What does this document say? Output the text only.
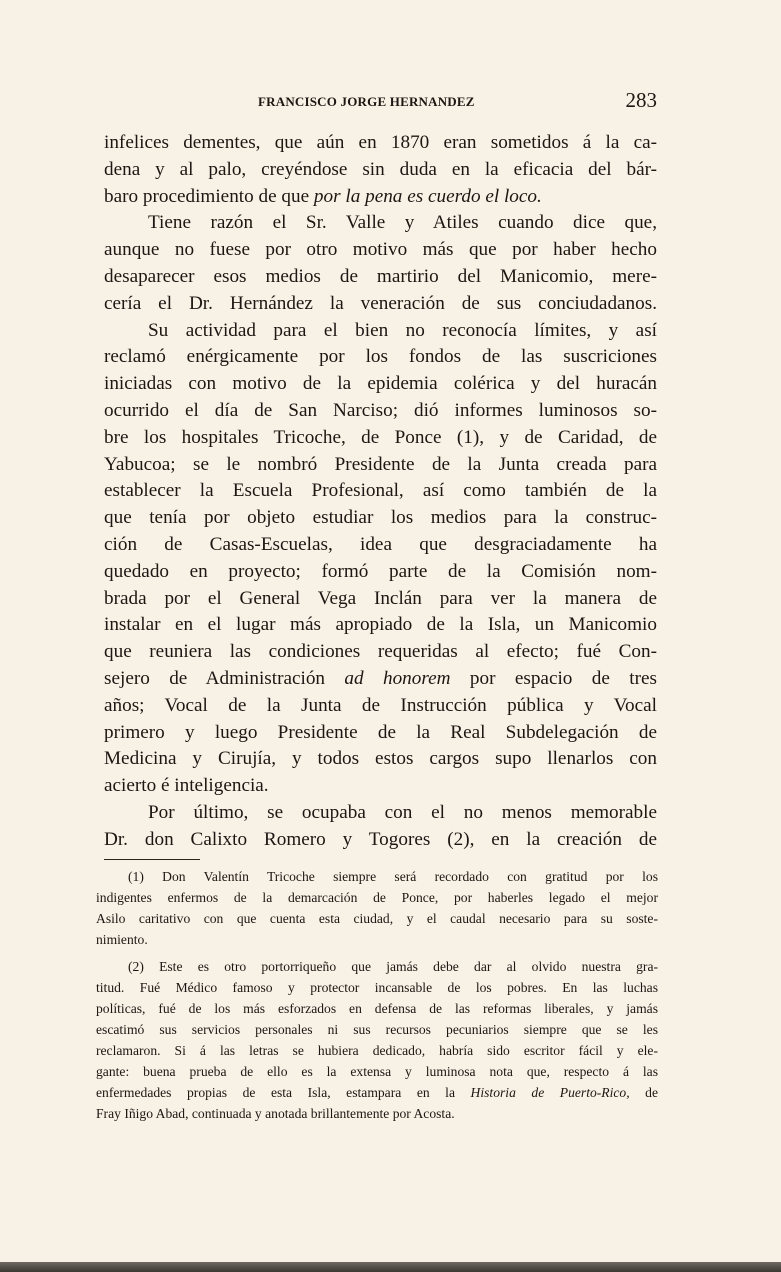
FRANCISCO JORGE HERNANDEZ	283
infelices dementes, que aún en 1870 eran sometidos á la ca-
dena y al palo, creyéndose sin duda en la eficacia del bár-
baro procedimiento de que por la pena es cuerdo el loco.
Tiene razón el Sr. Valle y Atiles cuando dice que,
aunque no fuese por otro motivo más que por haber hecho
desaparecer esos medios de martirio del Manicomio, mere-
cería el Dr. Hernández la veneración de sus conciudadanos.
Su actividad para el bien no reconocía límites, y así
reclamó enérgicamente por los fondos de las suscriciones
iniciadas con motivo de la epidemia colérica y del huracán
ocurrido el día de San Narciso; dió informes luminosos so-
bre los hospitales Tricoche, de Ponce (1), y de Caridad, de
Yabucoa; se le nombró Presidente de la Junta creada para
establecer la Escuela Profesional, así como también de la
que tenía por objeto estudiar los medios para la construc-
ción de Casas-Escuelas, idea que desgraciadamente ha
quedado en proyecto; formó parte de la Comisión nom-
brada por el General Vega Inclán para ver la manera de
instalar en el lugar más apropiado de la Isla, un Manicomio
que reuniera las condiciones requeridas al efecto; fué Con-
sejero de Administración ad honorem por espacio de tres
años; Vocal de la Junta de Instrucción pública y Vocal
primero y luego Presidente de la Real Subdelegación de
Medicina y Cirujía, y todos estos cargos supo llenarlos con
acierto é inteligencia.
Por último, se ocupaba con el no menos memorable
Dr. don Calixto Romero y Togores (2), en la creación de
(1) Don Valentín Tricoche siempre será recordado con gratitud por los
indigentes enfermos de la demarcación de Ponce, por haberles legado el mejor
Asilo caritativo con que cuenta esta ciudad, y el caudal necesario para su soste-
nimiento.
(2) Este es otro portorriqueño que jamás debe dar al olvido nuestra gra-
titud. Fué Médico famoso y protector incansable de los pobres. En las luchas
políticas, fué de los más esforzados en defensa de las reformas liberales, y jamás
escatimó sus servicios personales ni sus recursos pecuniarios siempre que se les
reclamaron. Si á las letras se hubiera dedicado, habría sido escritor fácil y ele-
gante: buena prueba de ello es la extensa y luminosa nota que, respecto á las
enfermedades propias de esta Isla, estampara en la Historia de Puerto-Rico, de
Fray Iñigo Abad, continuada y anotada brillantemente por Acosta.
